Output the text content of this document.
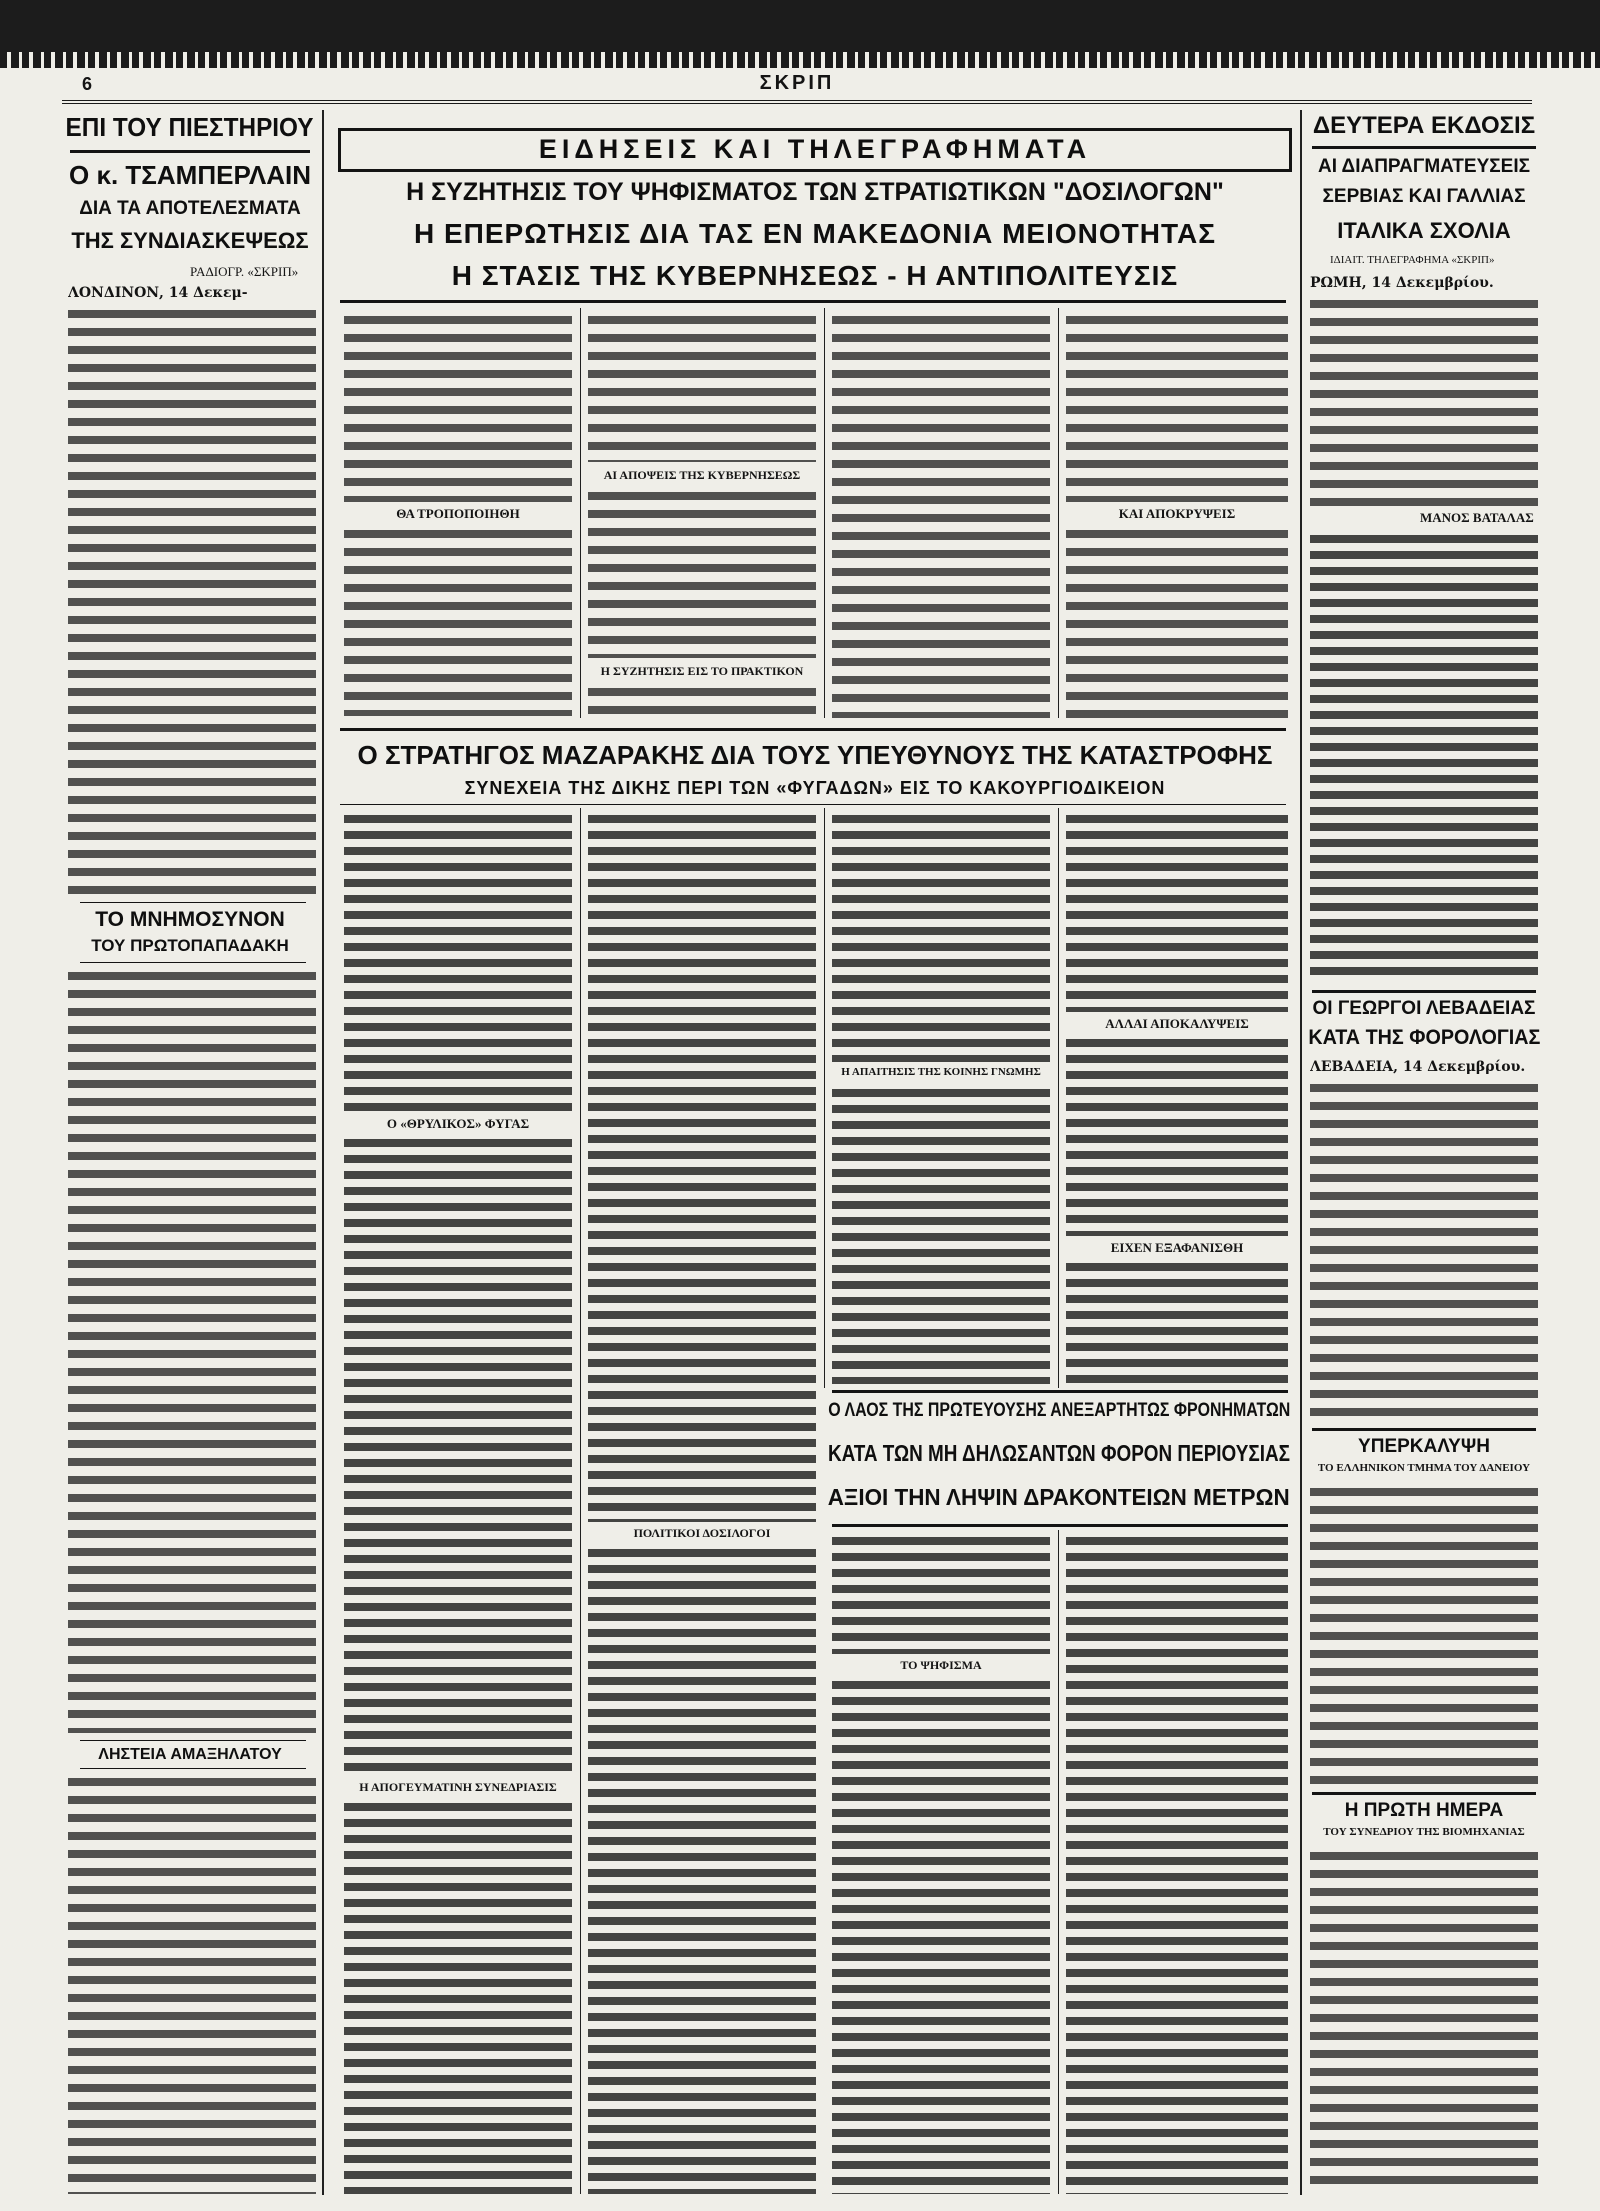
6	ΣΚΡΙΠ
ΕΠΙ ΤΟΥ ΠΙΕΣΤΗΡΙΟΥ
Ο κ. ΤΣΑΜΠΕΡΛΑΙΝ
ΔΙΑ ΤΑ ΑΠΟΤΕΛΕΣΜΑΤΑ
ΤΗΣ ΣΥΝΔΙΑΣΚΕΨΕΩΣ
ΡΑΔΙΟΓΡ. «ΣΚΡΙΠ»
ΛΟΝΔΙΝΟΝ, 14 Δεκεμ-
ΤΟ ΜΝΗΜΟΣΥΝΟΝ
ΤΟΥ ΠΡΩΤΟΠΑΠΑΔΑΚΗ
ΛΗΣΤΕΙΑ ΑΜΑΞΗΛΑΤΟΥ
ΕΙΔΗΣΕΙΣ ΚΑΙ ΤΗΛΕΓΡΑΦΗΜΑΤΑ
Η ΣΥΖΗΤΗΣΙΣ ΤΟΥ ΨΗΦΙΣΜΑΤΟΣ ΤΩΝ ΣΤΡΑΤΙΩΤΙΚΩΝ "ΔΟΣΙΛΟΓΩΝ"
Η ΕΠΕΡΩΤΗΣΙΣ ΔΙΑ ΤΑΣ ΕΝ ΜΑΚΕΔΟΝΙΑ ΜΕΙΟΝΟΤΗΤΑΣ
Η ΣΤΑΣΙΣ ΤΗΣ ΚΥΒΕΡΝΗΣΕΩΣ - Η ΑΝΤΙΠΟΛΙΤΕΥΣΙΣ
ΘΑ ΤΡΟΠΟΠΟΙΗΘΗ
ΑΙ ΑΠΟΨΕΙΣ ΤΗΣ ΚΥΒΕΡΝΗΣΕΩΣ
Η ΣΥΖΗΤΗΣΙΣ ΕΙΣ ΤΟ ΠΡΑΚΤΙΚΟΝ
ΚΑΙ ΑΠΟΚΡΥΨΕΙΣ
Ο ΣΤΡΑΤΗΓΟΣ ΜΑΖΑΡΑΚΗΣ ΔΙΑ ΤΟΥΣ ΥΠΕΥΘΥΝΟΥΣ ΤΗΣ ΚΑΤΑΣΤΡΟΦΗΣ
ΣΥΝΕΧΕΙΑ ΤΗΣ ΔΙΚΗΣ ΠΕΡΙ ΤΩΝ «ΦΥΓΑΔΩΝ» ΕΙΣ ΤΟ ΚΑΚΟΥΡΓΙΟΔΙΚΕΙΟΝ
Ο «ΘΡΥΛΙΚΟΣ» ΦΥΓΑΣ
Η ΑΠΟΓΕΥΜΑΤΙΝΗ ΣΥΝΕΔΡΙΑΣΙΣ
ΠΟΛΙΤΙΚΟΙ ΔΟΣΙΛΟΓΟΙ
Η ΑΠΑΙΤΗΣΙΣ ΤΗΣ ΚΟΙΝΗΣ ΓΝΩΜΗΣ
ΑΛΛΑΙ ΑΠΟΚΑΛΥΨΕΙΣ
ΕΙΧΕΝ ΕΞΑΦΑΝΙΣΘΗ
Ο ΛΑΟΣ ΤΗΣ ΠΡΩΤΕΥΟΥΣΗΣ ΑΝΕΞΑΡΤΗΤΩΣ ΦΡΟΝΗΜΑΤΩΝ
ΚΑΤΑ ΤΩΝ ΜΗ ΔΗΛΩΣΑΝΤΩΝ ΦΟΡΟΝ ΠΕΡΙΟΥΣΙΑΣ
ΑΞΙΟΙ ΤΗΝ ΛΗΨΙΝ ΔΡΑΚΟΝΤΕΙΩΝ ΜΕΤΡΩΝ
ΤΟ ΨΗΦΙΣΜΑ
ΔΕΥΤΕΡΑ ΕΚΔΟΣΙΣ
ΑΙ ΔΙΑΠΡΑΓΜΑΤΕΥΣΕΙΣ
ΣΕΡΒΙΑΣ ΚΑΙ ΓΑΛΛΙΑΣ
ΙΤΑΛΙΚΑ ΣΧΟΛΙΑ
ΙΔΙΑΙΤ. ΤΗΛΕΓΡΑΦΗΜΑ «ΣΚΡΙΠ»
ΡΩΜΗ, 14 Δεκεμβρίου.
ΜΑΝΟΣ ΒΑΤΑΛΑΣ
ΟΙ ΓΕΩΡΓΟΙ ΛΕΒΑΔΕΙΑΣ
ΚΑΤΑ ΤΗΣ ΦΟΡΟΛΟΓΙΑΣ
ΛΕΒΑΔΕΙΑ, 14 Δεκεμβρίου.
ΥΠΕΡΚΑΛΥΨΗ
ΤΟ ΕΛΛΗΝΙΚΟΝ ΤΜΗΜΑ ΤΟΥ ΔΑΝΕΙΟΥ
Η ΠΡΩΤΗ ΗΜΕΡΑ
ΤΟΥ ΣΥΝΕΔΡΙΟΥ ΤΗΣ ΒΙΟΜΗΧΑΝΙΑΣ
